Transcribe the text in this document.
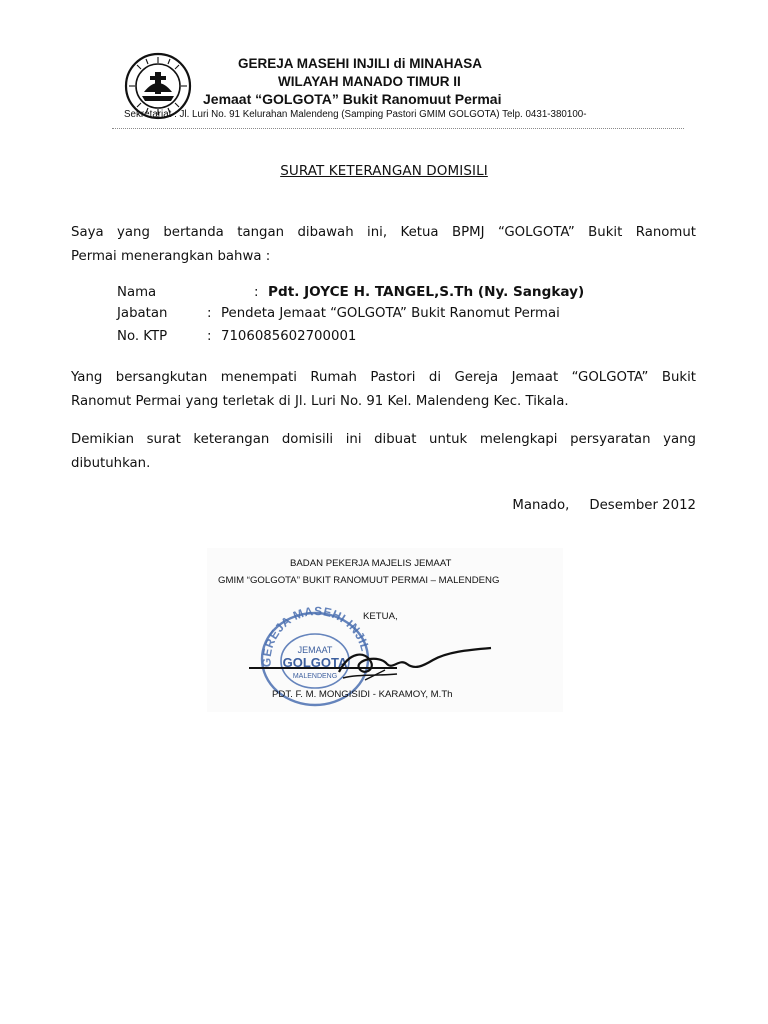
GEREJA MASEHI INJILI di MINAHASA
WILAYAH MANADO TIMUR II
Jemaat “GOLGOTA” Bukit Ranomuut Permai
Sekretariat : Jl. Luri No. 91 Kelurahan Malendeng (Samping Pastori GMIM GOLGOTA) Telp. 0431-380100-
SURAT KETERANGAN DOMISILI
Saya yang bertanda tangan dibawah ini, Ketua BPMJ “GOLGOTA” Bukit Ranomut
Permai menerangkan bahwa :
Nama	: Pdt. JOYCE H. TANGEL,S.Th (Ny. Sangkay)
Jabatan	: Pendeta Jemaat “GOLGOTA” Bukit Ranomut Permai
No. KTP	: 7106085602700001
Yang bersangkutan menempati Rumah Pastori di Gereja Jemaat “GOLGOTA” Bukit
Ranomut Permai yang terletak di Jl. Luri No. 91 Kel. Malendeng Kec. Tikala.
Demikian surat keterangan domisili ini dibuat untuk melengkapi persyaratan yang
dibutuhkan.
Manado, Desember 2012
BADAN PEKERJA MAJELIS JEMAAT
GMIM “GOLGOTA” BUKIT RANOMUUT PERMAI – MALENDENG
GEREJA MASEHI INJIL
JEMAAT
GOLGOTA
MALENDENG
KETUA,
PDT. F. M. MONGISIDI - KARAMOY, M.Th
